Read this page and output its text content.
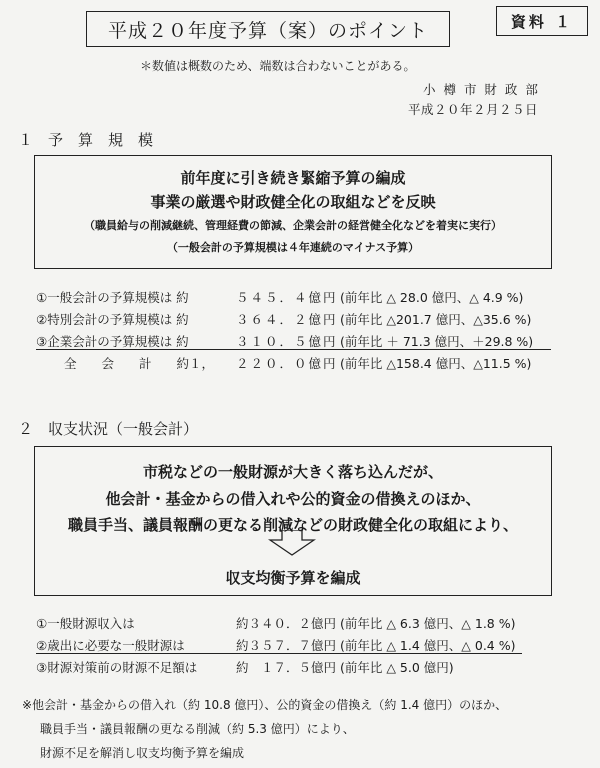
平成２０年度予算（案）のポイント	資料 １
＊数値は概数のため、端数は合わないことがある。
小 樽 市 財 政 部
平成２０年２月２５日
１　予　算　規　模
前年度に引き続き緊縮予算の編成
事業の厳選や財政健全化の取組などを反映
（職員給与の削減継続、管理経費の節減、企業会計の経営健全化などを着実に実行）
（一般会計の予算規模は４年連続のマイナス予算）
①一般会計の予算規模は 約	５４５．４億円 (前年比 △ 28.0 億円、△ 4.9 %)
②特別会計の予算規模は 約	３６４．２億円 (前年比 △201.7 億円、△35.6 %)
③企業会計の予算規模は 約	３１０．５億円 (前年比 ＋ 71.3 億円、＋29.8 %)
全　　会　　計　　約１， ２２０．０億円 (前年比 △158.4 億円、△11.5 %)
２　収支状況（一般会計）
市税などの一般財源が大きく落ち込んだが、
他会計・基金からの借入れや公的資金の借換えのほか、
職員手当、議員報酬の更なる削減などの財政健全化の取組により、
収支均衡予算を編成
①一般財源収入は	約３４０．２億円 (前年比 △ 6.3 億円、△ 1.8 %)
②歳出に必要な一般財源は	約３５７．７億円 (前年比 △ 1.4 億円、△ 0.4 %)
③財源対策前の財源不足額は	約　１７．５億円 (前年比 △ 5.0 億円)
※他会計・基金からの借入れ（約 10.8 億円）、公的資金の借換え（約 1.4 億円）のほか、
職員手当・議員報酬の更なる削減（約 5.3 億円）により、
財源不足を解消し収支均衡予算を編成
